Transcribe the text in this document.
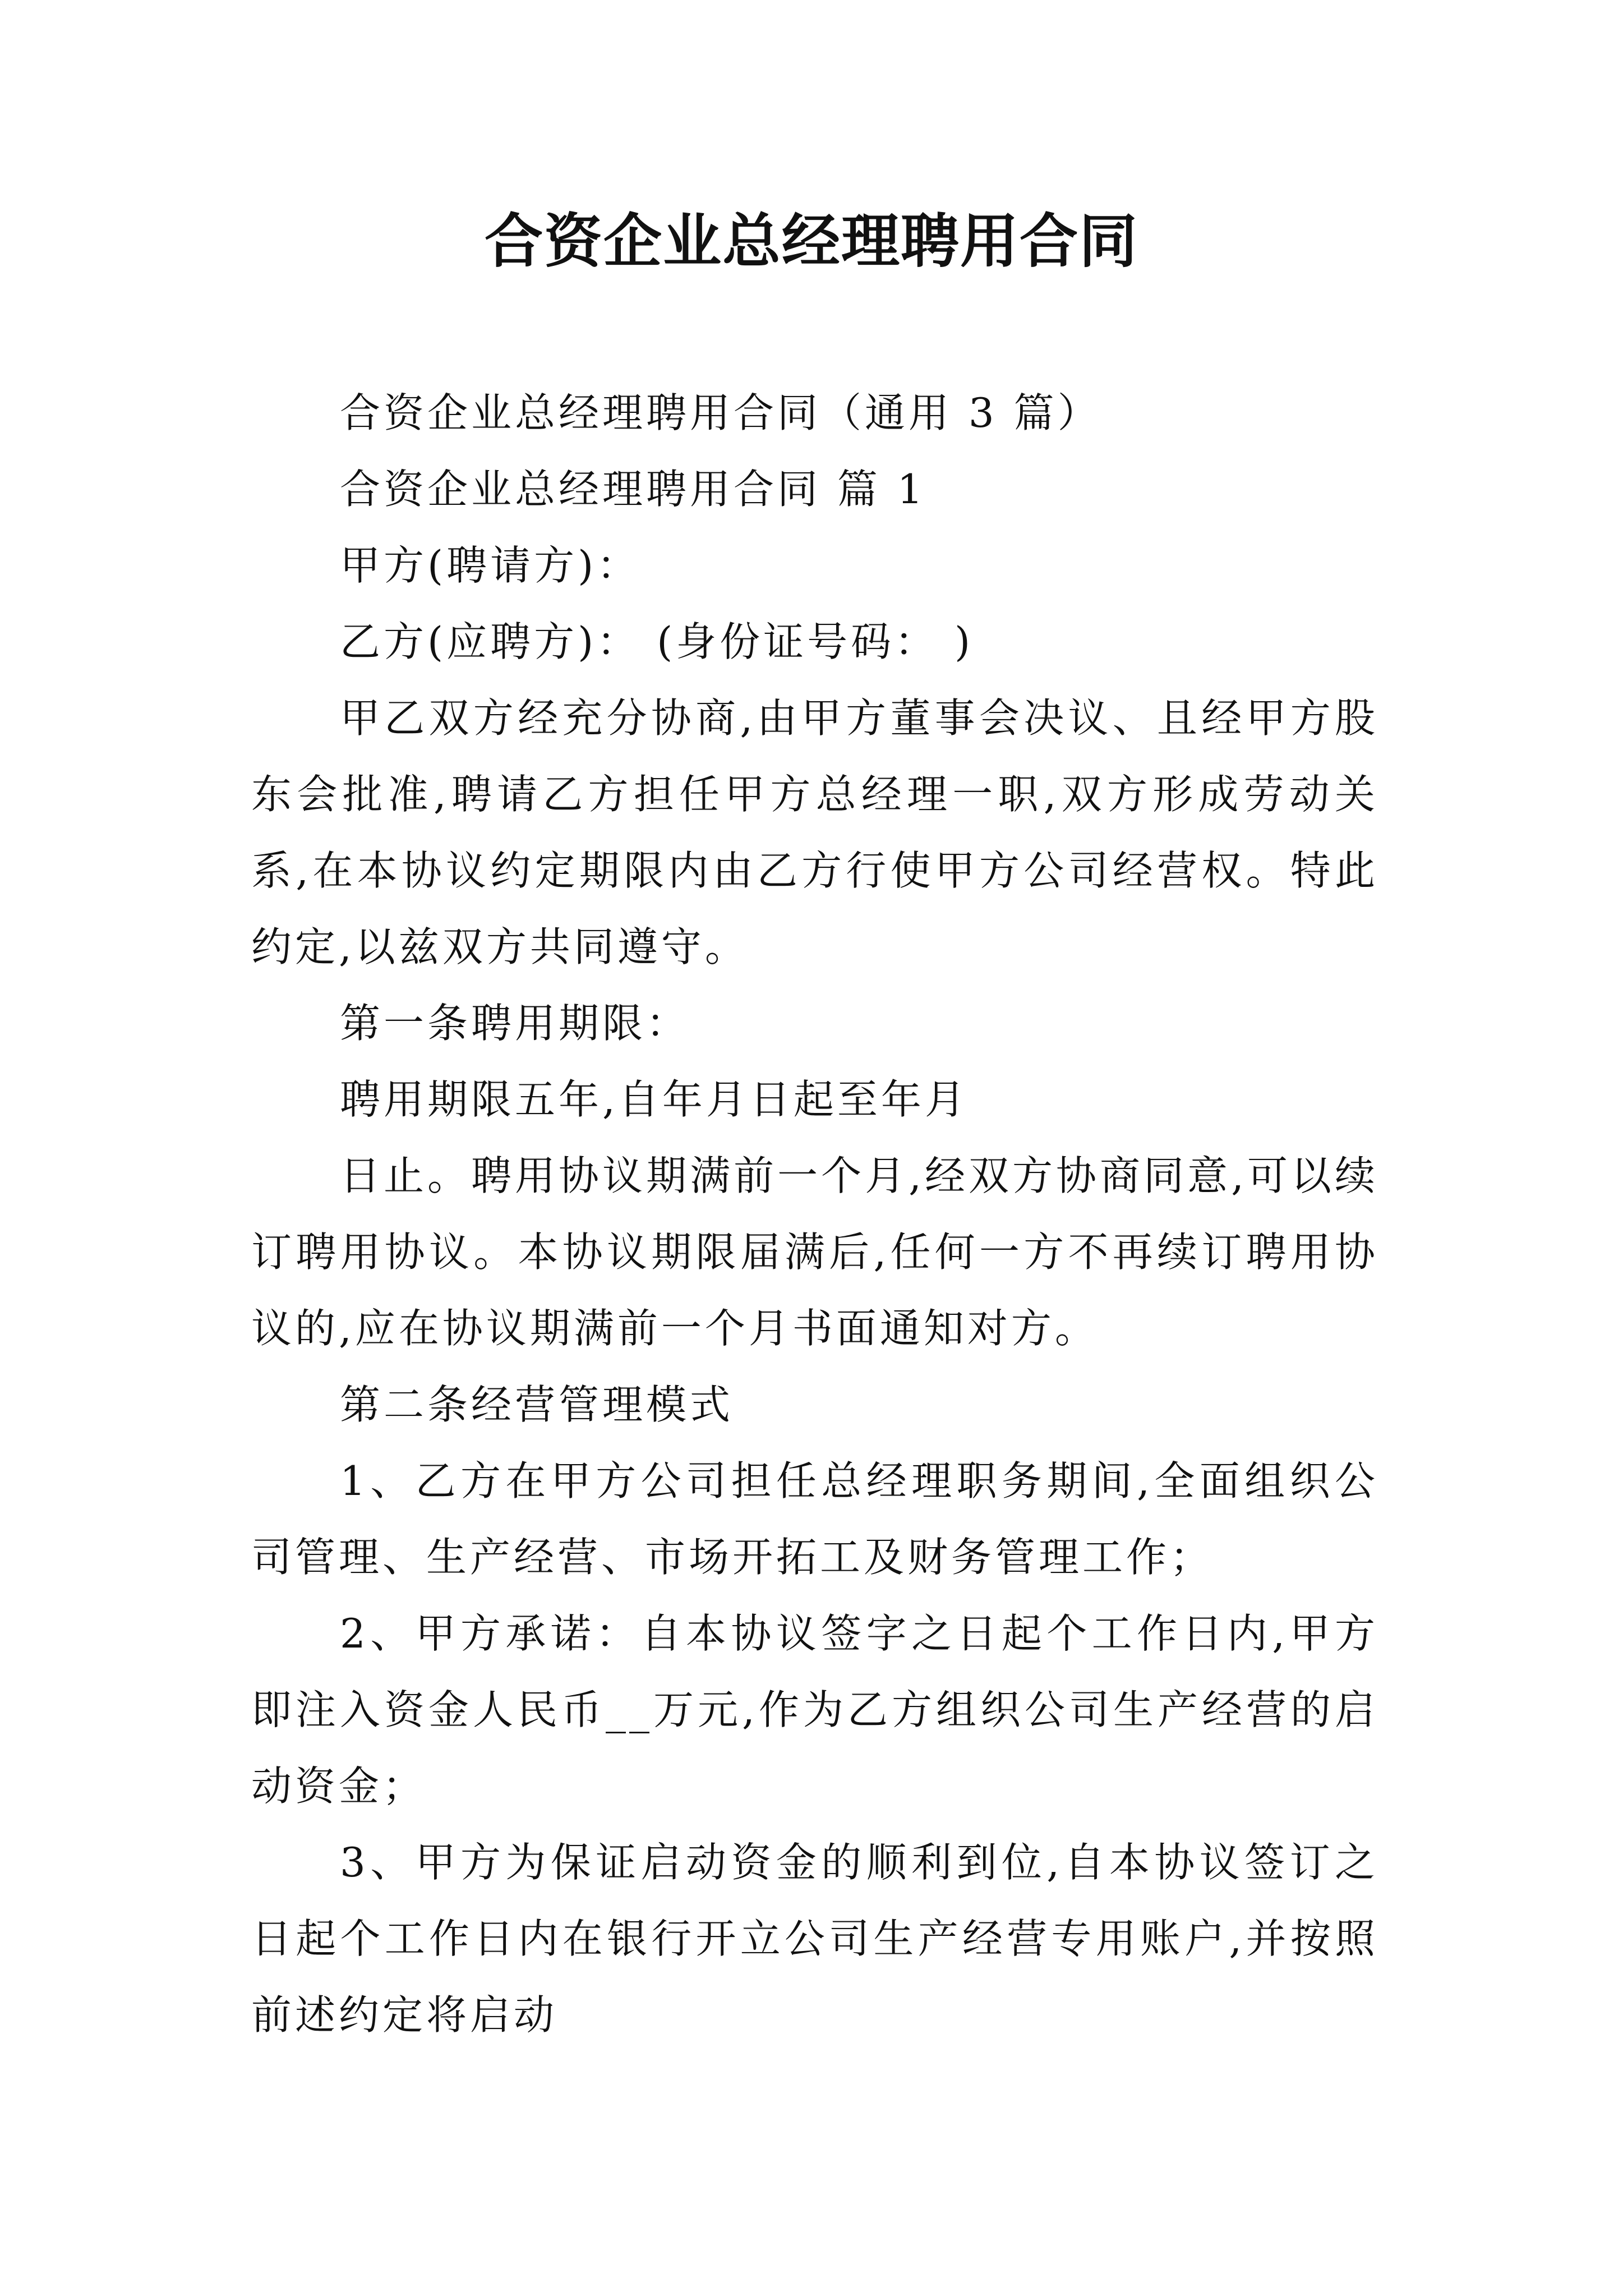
合资企业总经理聘用合同

合资企业总经理聘用合同（通用 3 篇）

合资企业总经理聘用合同 篇 1

甲方(聘请方)：

乙方(应聘方)： (身份证号码： )

甲乙双方经充分协商,由甲方董事会决议、且经甲方股东会批准,聘请乙方担任甲方总经理一职,双方形成劳动关系,在本协议约定期限内由乙方行使甲方公司经营权。特此约定,以兹双方共同遵守。

第一条聘用期限：

聘用期限五年,自年月日起至年月

日止。聘用协议期满前一个月,经双方协商同意,可以续订聘用协议。本协议期限届满后,任何一方不再续订聘用协议的,应在协议期满前一个月书面通知对方。

第二条经营管理模式

1、乙方在甲方公司担任总经理职务期间,全面组织公司管理、生产经营、市场开拓工及财务管理工作；

2、甲方承诺：自本协议签字之日起个工作日内,甲方即注入资金人民币__万元,作为乙方组织公司生产经营的启动资金；

3、甲方为保证启动资金的顺利到位,自本协议签订之日起个工作日内在银行开立公司生产经营专用账户,并按照前述约定将启动
